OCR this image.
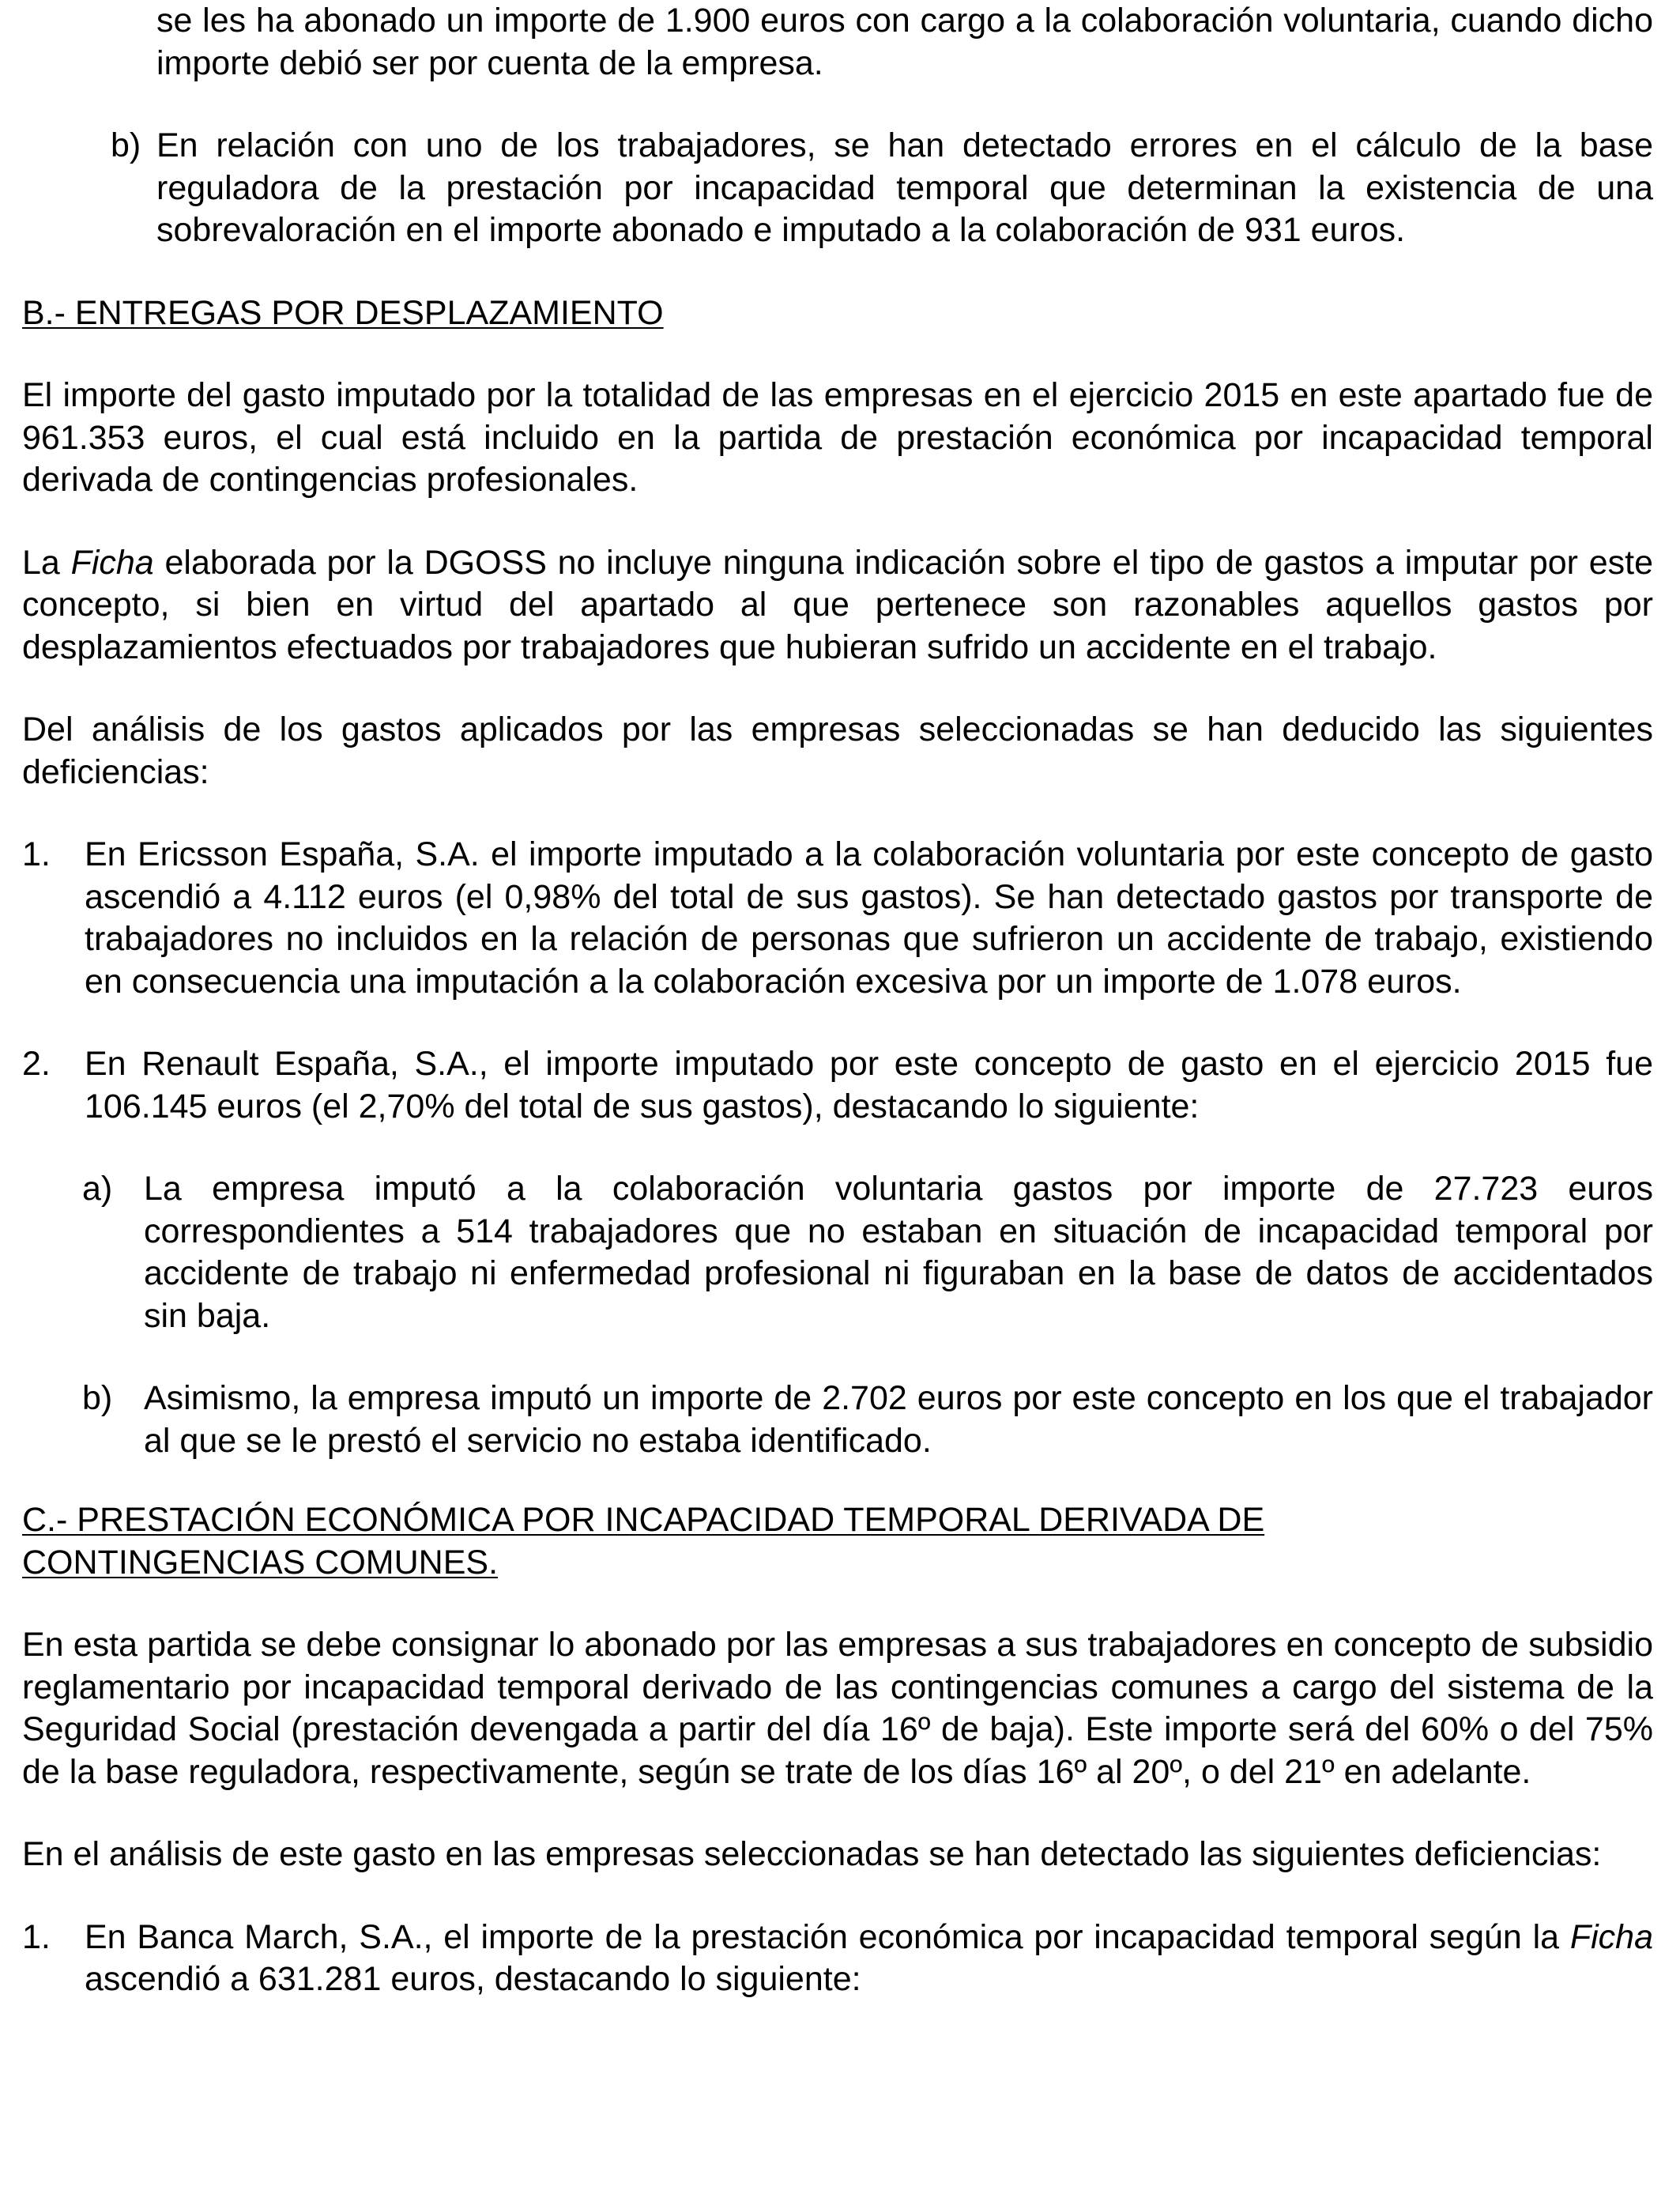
se les ha abonado un importe de 1.900 euros con cargo a la colaboración voluntaria, cuando dicho importe debió ser por cuenta de la empresa.

b) En relación con uno de los trabajadores, se han detectado errores en el cálculo de la base reguladora de la prestación por incapacidad temporal que determinan la existencia de una sobrevaloración en el importe abonado e imputado a la colaboración de 931 euros.

B.- ENTREGAS POR DESPLAZAMIENTO

El importe del gasto imputado por la totalidad de las empresas en el ejercicio 2015 en este apartado fue de 961.353 euros, el cual está incluido en la partida de prestación económica por incapacidad temporal derivada de contingencias profesionales.

La Ficha elaborada por la DGOSS no incluye ninguna indicación sobre el tipo de gastos a imputar por este concepto, si bien en virtud del apartado al que pertenece son razonables aquellos gastos por desplazamientos efectuados por trabajadores que hubieran sufrido un accidente en el trabajo.

Del análisis de los gastos aplicados por las empresas seleccionadas se han deducido las siguientes deficiencias:

1. En Ericsson España, S.A. el importe imputado a la colaboración voluntaria por este concepto de gasto ascendió a 4.112 euros (el 0,98% del total de sus gastos). Se han detectado gastos por transporte de trabajadores no incluidos en la relación de personas que sufrieron un accidente de trabajo, existiendo en consecuencia una imputación a la colaboración excesiva por un importe de 1.078 euros.

2. En Renault España, S.A., el importe imputado por este concepto de gasto en el ejercicio 2015 fue 106.145 euros (el 2,70% del total de sus gastos), destacando lo siguiente:

a) La empresa imputó a la colaboración voluntaria gastos por importe de 27.723 euros correspondientes a 514 trabajadores que no estaban en situación de incapacidad temporal por accidente de trabajo ni enfermedad profesional ni figuraban en la base de datos de accidentados sin baja.

b) Asimismo, la empresa imputó un importe de 2.702 euros por este concepto en los que el trabajador al que se le prestó el servicio no estaba identificado.

C.- PRESTACIÓN ECONÓMICA POR INCAPACIDAD TEMPORAL DERIVADA DE

CONTINGENCIAS COMUNES.

En esta partida se debe consignar lo abonado por las empresas a sus trabajadores en concepto de subsidio reglamentario por incapacidad temporal derivado de las contingencias comunes a cargo del sistema de la Seguridad Social (prestación devengada a partir del día 16º de baja). Este importe será del 60% o del 75% de la base reguladora, respectivamente, según se trate de los días 16º al 20º, o del 21º en adelante.

En el análisis de este gasto en las empresas seleccionadas se han detectado las siguientes deficiencias:

1. En Banca March, S.A., el importe de la prestación económica por incapacidad temporal según la Ficha ascendió a 631.281 euros, destacando lo siguiente:
